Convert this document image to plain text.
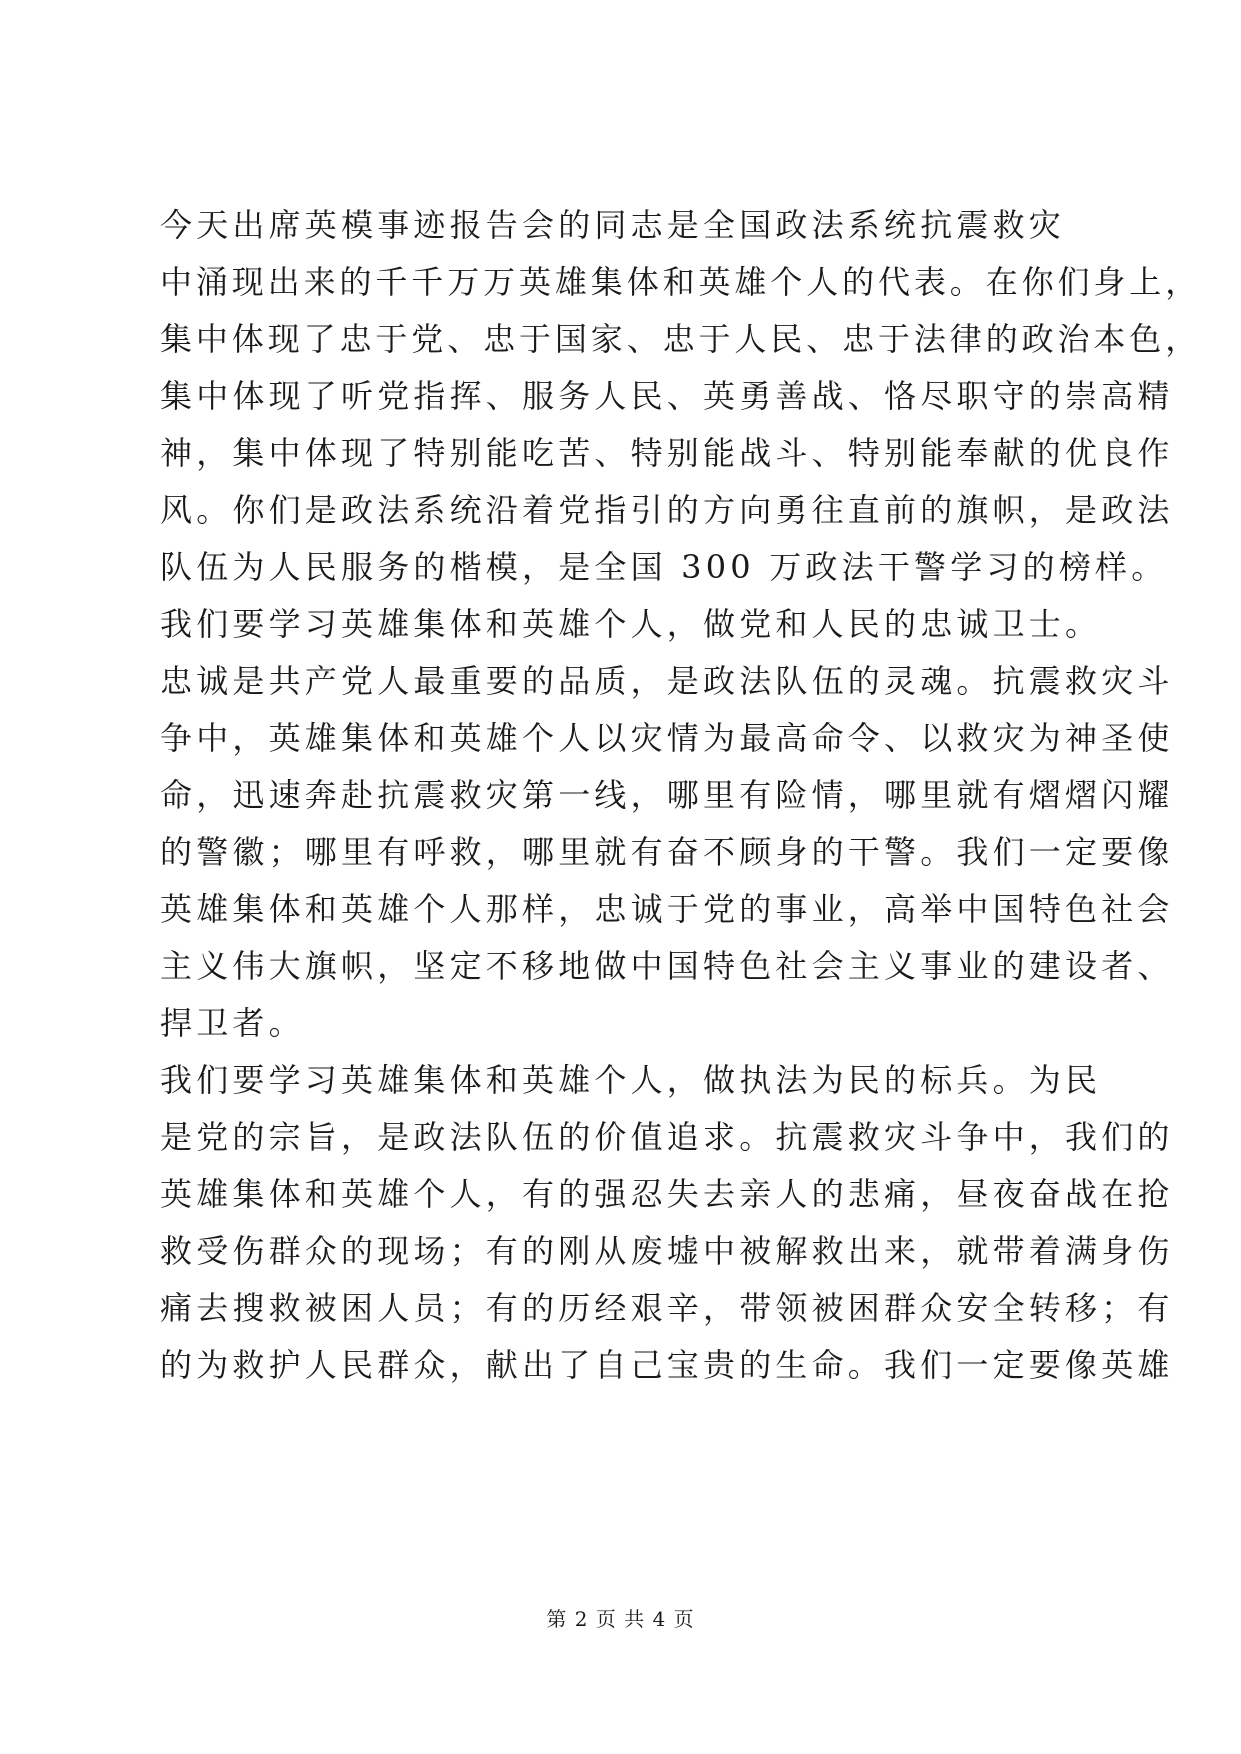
今天出席英模事迹报告会的同志是全国政法系统抗震救灾
中涌现出来的千千万万英雄集体和英雄个人的代表。在你们身上，
集中体现了忠于党、忠于国家、忠于人民、忠于法律的政治本色，
集中体现了听党指挥、服务人民、英勇善战、恪尽职守的崇高精
神，集中体现了特别能吃苦、特别能战斗、特别能奉献的优良作
风。你们是政法系统沿着党指引的方向勇往直前的旗帜，是政法
队伍为人民服务的楷模，是全国 300 万政法干警学习的榜样。
我们要学习英雄集体和英雄个人，做党和人民的忠诚卫士。
忠诚是共产党人最重要的品质，是政法队伍的灵魂。抗震救灾斗
争中，英雄集体和英雄个人以灾情为最高命令、以救灾为神圣使
命，迅速奔赴抗震救灾第一线，哪里有险情，哪里就有熠熠闪耀
的警徽；哪里有呼救，哪里就有奋不顾身的干警。我们一定要像
英雄集体和英雄个人那样，忠诚于党的事业，高举中国特色社会
主义伟大旗帜，坚定不移地做中国特色社会主义事业的建设者、
捍卫者。
我们要学习英雄集体和英雄个人，做执法为民的标兵。为民
是党的宗旨，是政法队伍的价值追求。抗震救灾斗争中，我们的
英雄集体和英雄个人，有的强忍失去亲人的悲痛，昼夜奋战在抢
救受伤群众的现场；有的刚从废墟中被解救出来，就带着满身伤
痛去搜救被困人员；有的历经艰辛，带领被困群众安全转移；有
的为救护人民群众，献出了自己宝贵的生命。我们一定要像英雄
第 2 页 共 4 页
